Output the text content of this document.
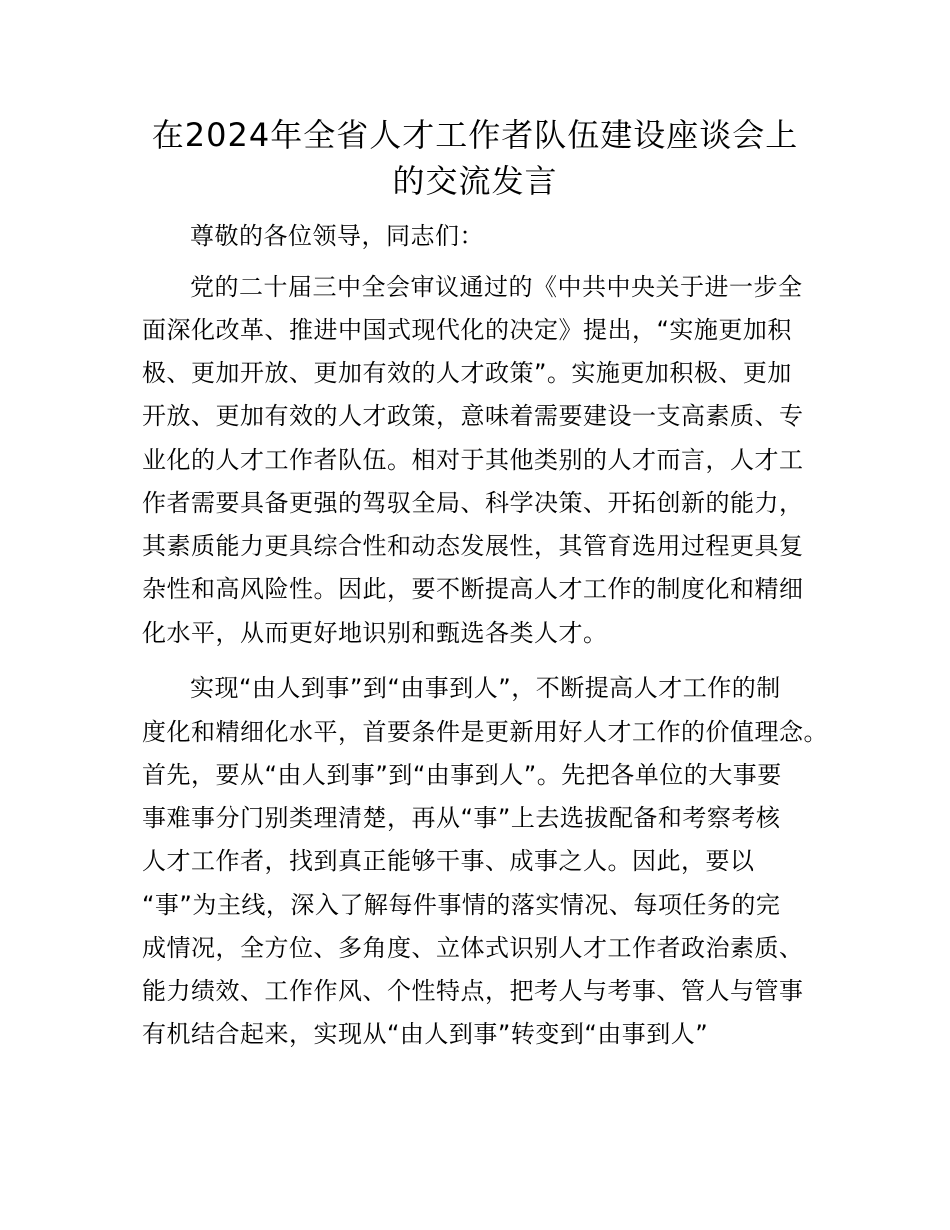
在2024年全省人才工作者队伍建设座谈会上
的交流发言
尊敬的各位领导，同志们：
党的二十届三中全会审议通过的《中共中央关于进一步全
面深化改革、推进中国式现代化的决定》提出，“实施更加积
极、更加开放、更加有效的人才政策”。实施更加积极、更加
开放、更加有效的人才政策，意味着需要建设一支高素质、专
业化的人才工作者队伍。相对于其他类别的人才而言，人才工
作者需要具备更强的驾驭全局、科学决策、开拓创新的能力，
其素质能力更具综合性和动态发展性，其管育选用过程更具复
杂性和高风险性。因此，要不断提高人才工作的制度化和精细
化水平，从而更好地识别和甄选各类人才。
实现“由人到事”到“由事到人”，不断提高人才工作的制
度化和精细化水平，首要条件是更新用好人才工作的价值理念。
首先，要从“由人到事”到“由事到人”。先把各单位的大事要
事难事分门别类理清楚，再从“事”上去选拔配备和考察考核
人才工作者，找到真正能够干事、成事之人。因此，要以
“事”为主线，深入了解每件事情的落实情况、每项任务的完
成情况，全方位、多角度、立体式识别人才工作者政治素质、
能力绩效、工作作风、个性特点，把考人与考事、管人与管事
有机结合起来，实现从“由人到事”转变到“由事到人”
